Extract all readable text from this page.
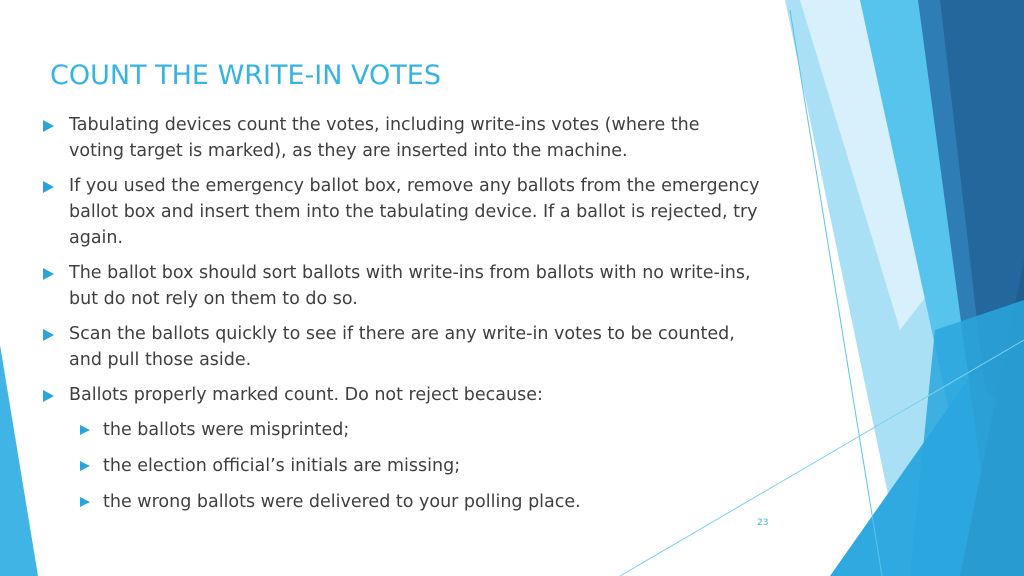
COUNT THE WRITE-IN VOTES
Tabulating devices count the votes, including write-ins votes (where the voting target is marked), as they are inserted into the machine.
If you used the emergency ballot box, remove any ballots from the emergency ballot box and insert them into the tabulating device. If a ballot is rejected, try again.
The ballot box should sort ballots with write-ins from ballots with no write-ins, but do not rely on them to do so.
Scan the ballots quickly to see if there are any write-in votes to be counted, and pull those aside.
Ballots properly marked count. Do not reject because:
the ballots were misprinted;
the election official’s initials are missing;
the wrong ballots were delivered to your polling place.
23
